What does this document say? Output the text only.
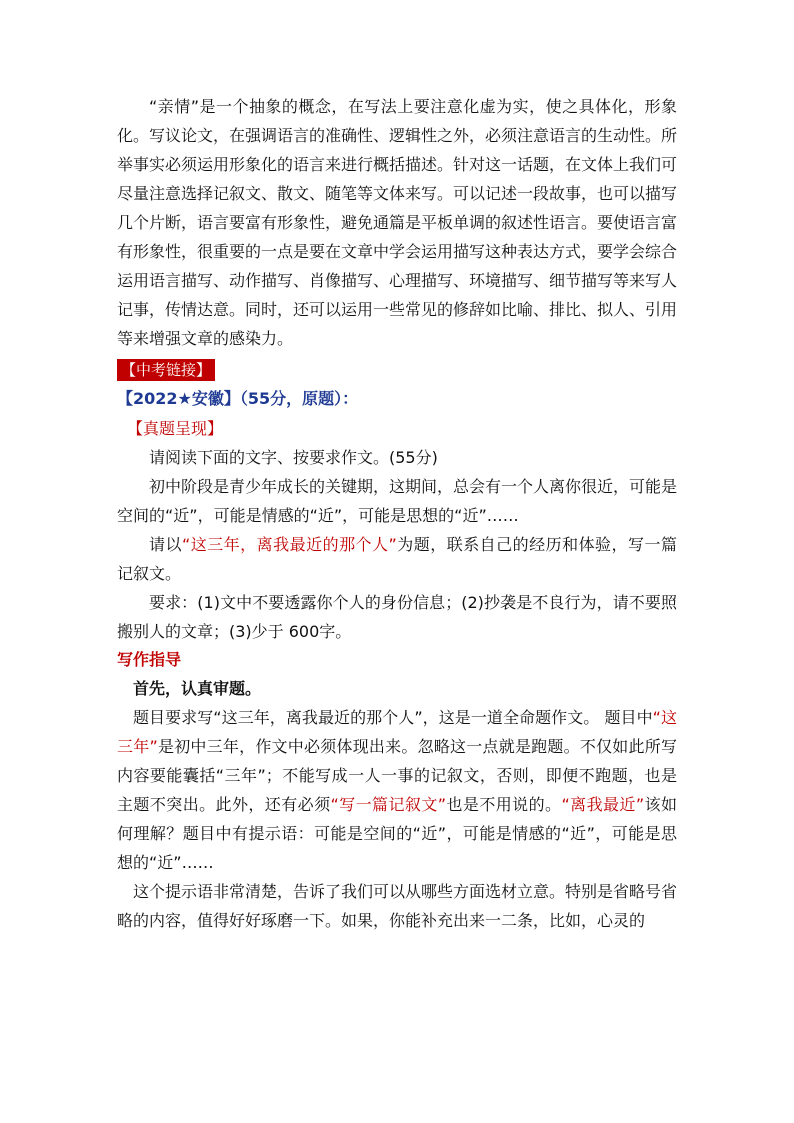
“亲情”是一个抽象的概念，在写法上要注意化虚为实，使之具体化，形象化。写议论文，在强调语言的准确性、逻辑性之外，必须注意语言的生动性。所举事实必须运用形象化的语言来进行概括描述。针对这一话题，在文体上我们可尽量注意选择记叙文、散文、随笔等文体来写。可以记述一段故事，也可以描写几个片断，语言要富有形象性，避免通篇是平板单调的叙述性语言。要使语言富有形象性，很重要的一点是要在文章中学会运用描写这种表达方式，要学会综合运用语言描写、动作描写、肖像描写、心理描写、环境描写、细节描写等来写人记事，传情达意。同时，还可以运用一些常见的修辞如比喻、排比、拟人、引用等来增强文章的感染力。

【中考链接】

【2022★安徽】（55分，原题）：

【真题呈现】

请阅读下面的文字、按要求作文。(55分)

初中阶段是青少年成长的关键期，这期间，总会有一个人离你很近，可能是空间的“近”，可能是情感的“近”，可能是思想的“近”……

请以“这三年，离我最近的那个人”为题，联系自己的经历和体验，写一篇记叙文。

要求：(1)文中不要透露你个人的身份信息；(2)抄袭是不良行为，请不要照搬别人的文章；(3)少于 600字。

写作指导

首先，认真审题。

题目要求写“这三年，离我最近的那个人”，这是一道全命题作文。 题目中“这三年”是初中三年，作文中必须体现出来。忽略这一点就是跑题。不仅如此所写内容要能囊括“三年”；不能写成一人一事的记叙文，否则，即便不跑题，也是主题不突出。此外，还有必须“写一篇记叙文”也是不用说的。“离我最近”该如何理解？题目中有提示语：可能是空间的“近”，可能是情感的“近”，可能是思想的“近”……

这个提示语非常清楚，告诉了我们可以从哪些方面选材立意。特别是省略号省略的内容，值得好好琢磨一下。如果，你能补充出来一二条，比如，心灵的
